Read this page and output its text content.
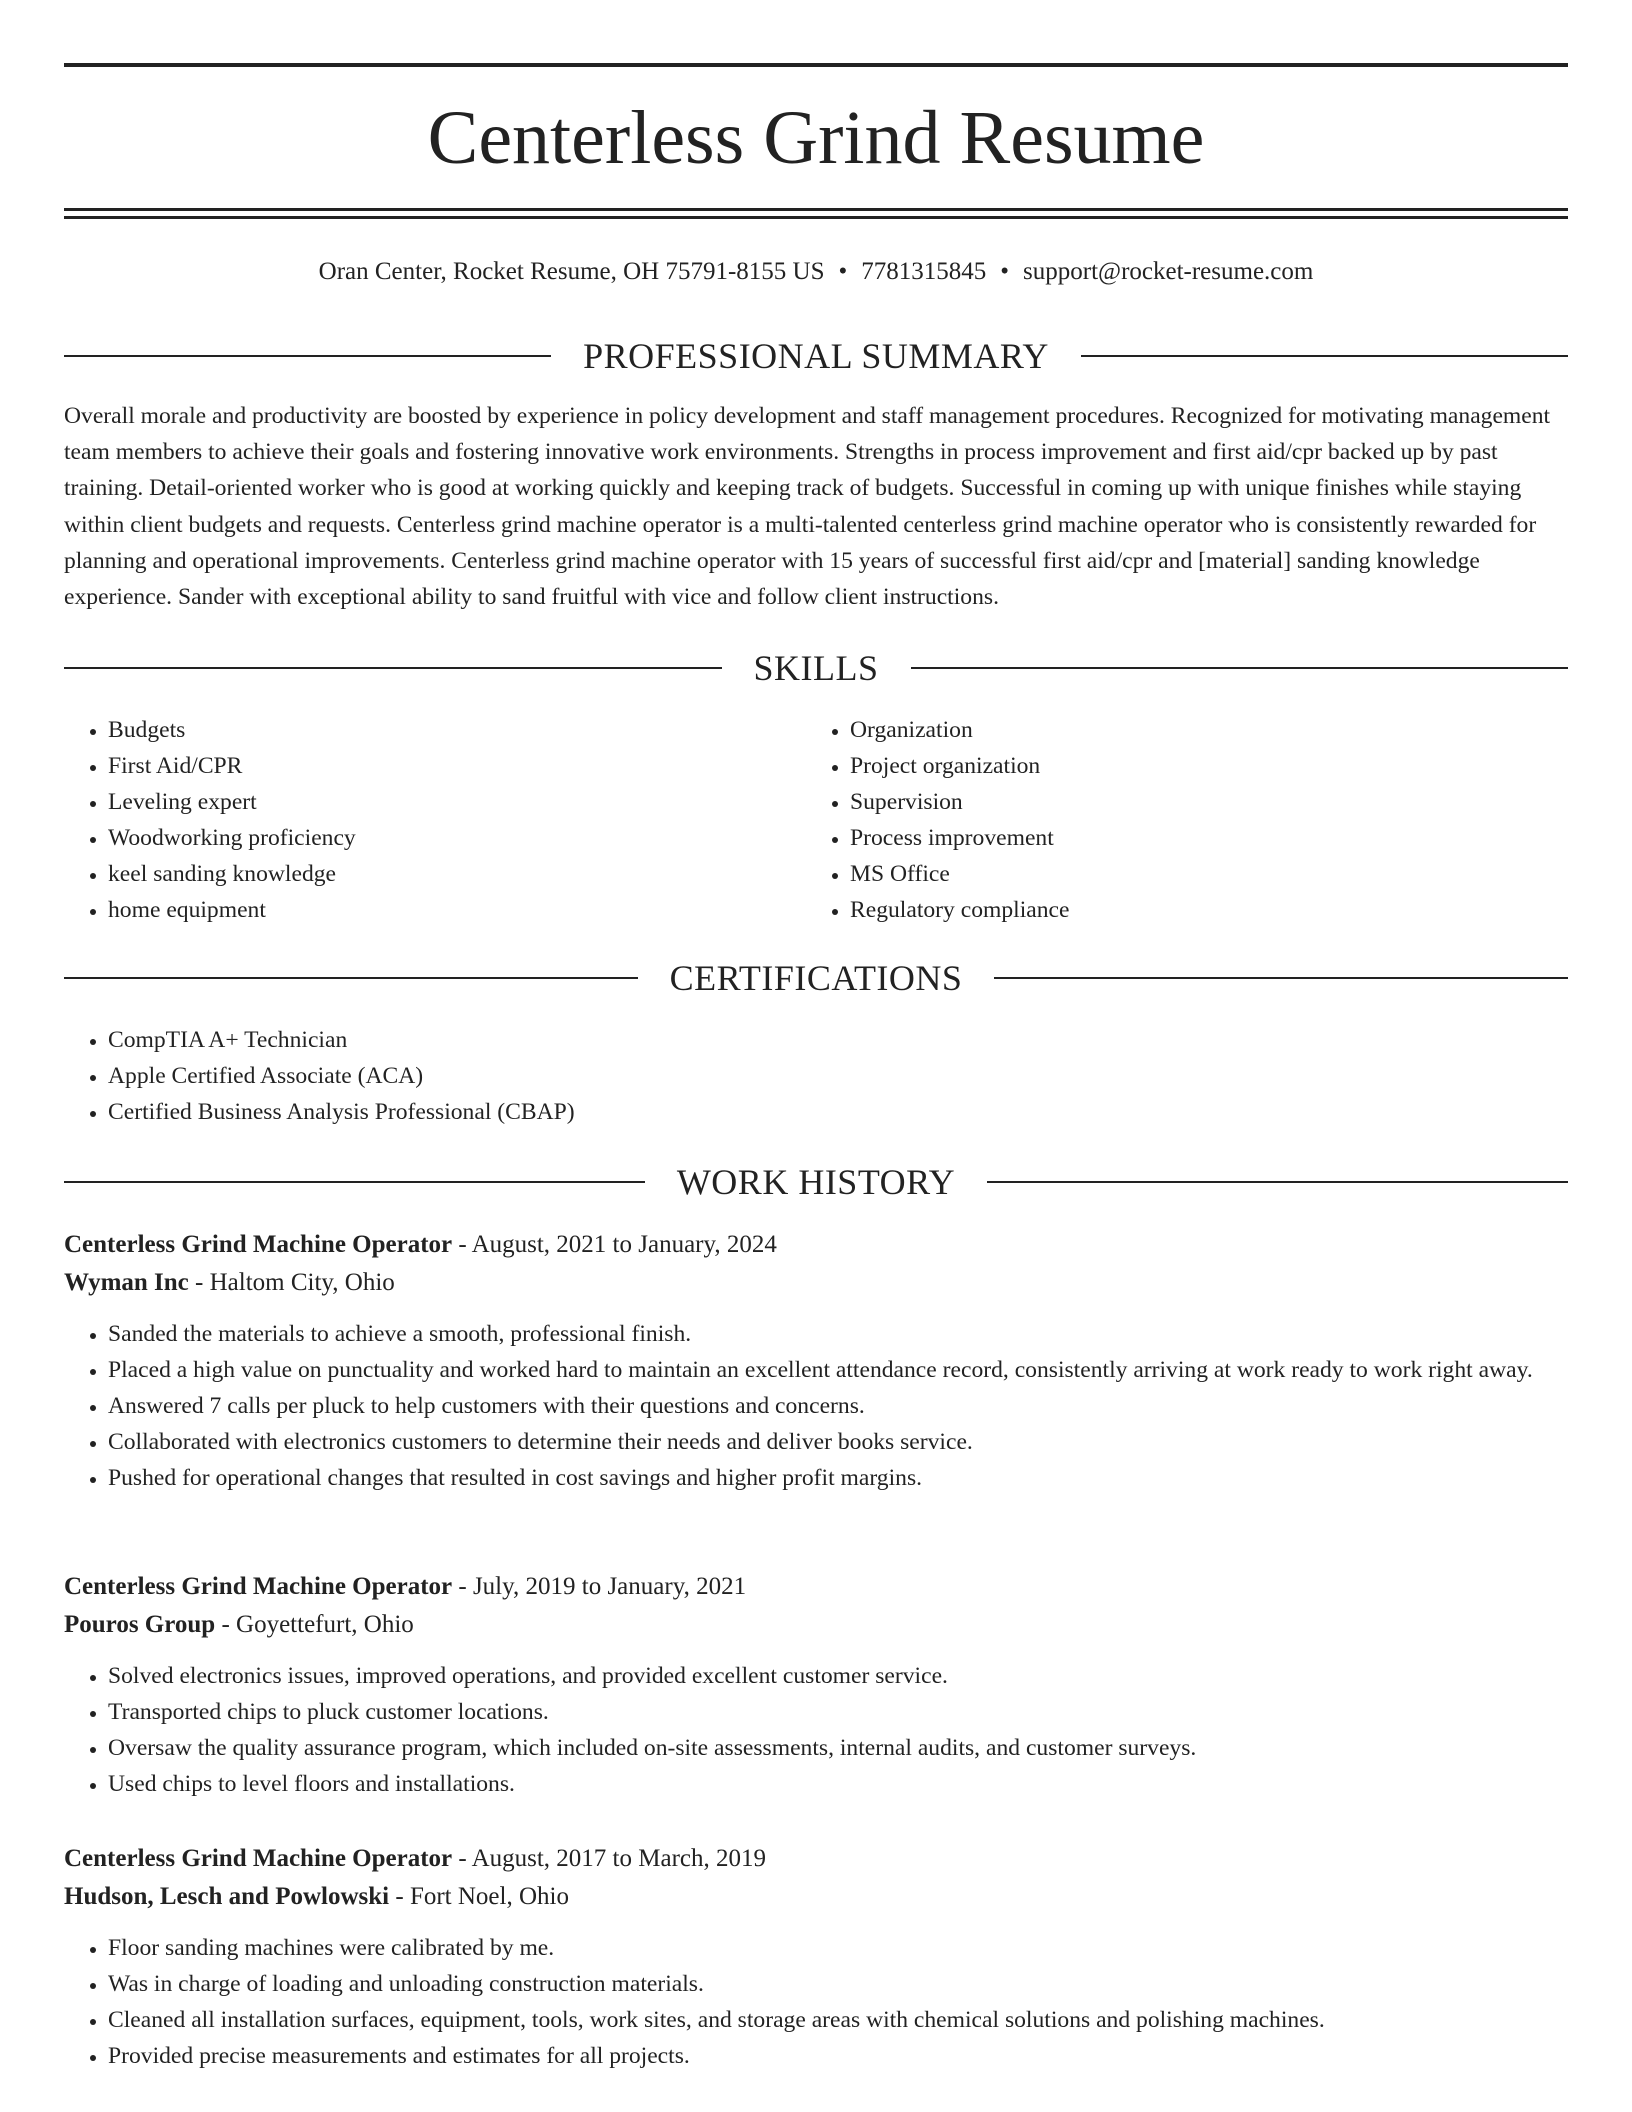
Centerless Grind Resume
Oran Center, Rocket Resume, OH 75791-8155 US • 7781315845 • support@rocket-resume.com
PROFESSIONAL SUMMARY

Overall morale and productivity are boosted by experience in policy development and staff management procedures. Recognized for motivating management team members to achieve their goals and fostering innovative work environments. Strengths in process improvement and first aid/cpr backed up by past training. Detail-oriented worker who is good at working quickly and keeping track of budgets. Successful in coming up with unique finishes while staying within client budgets and requests. Centerless grind machine operator is a multi-talented centerless grind machine operator who is consistently rewarded for planning and operational improvements. Centerless grind machine operator with 15 years of successful first aid/cpr and [material] sanding knowledge experience. Sander with exceptional ability to sand fruitful with vice and follow client instructions.

SKILLS
• Budgets
• First Aid/CPR
• Leveling expert
• Woodworking proficiency
• keel sanding knowledge
• home equipment
• Organization
• Project organization
• Supervision
• Process improvement
• MS Office
• Regulatory compliance
CERTIFICATIONS
• CompTIA A+ Technician
• Apple Certified Associate (ACA)
• Certified Business Analysis Professional (CBAP)
WORK HISTORY
Centerless Grind Machine Operator - August, 2021 to January, 2024
Wyman Inc - Haltom City, Ohio
• Sanded the materials to achieve a smooth, professional finish.
• Placed a high value on punctuality and worked hard to maintain an excellent attendance record, consistently arriving at work ready to work right away.
• Answered 7 calls per pluck to help customers with their questions and concerns.
• Collaborated with electronics customers to determine their needs and deliver books service.
• Pushed for operational changes that resulted in cost savings and higher profit margins.
Centerless Grind Machine Operator - July, 2019 to January, 2021
Pouros Group - Goyettefurt, Ohio
• Solved electronics issues, improved operations, and provided excellent customer service.
• Transported chips to pluck customer locations.
• Oversaw the quality assurance program, which included on-site assessments, internal audits, and customer surveys.
• Used chips to level floors and installations.
Centerless Grind Machine Operator - August, 2017 to March, 2019
Hudson, Lesch and Powlowski - Fort Noel, Ohio
• Floor sanding machines were calibrated by me.
• Was in charge of loading and unloading construction materials.
• Cleaned all installation surfaces, equipment, tools, work sites, and storage areas with chemical solutions and polishing machines.
• Provided precise measurements and estimates for all projects.
